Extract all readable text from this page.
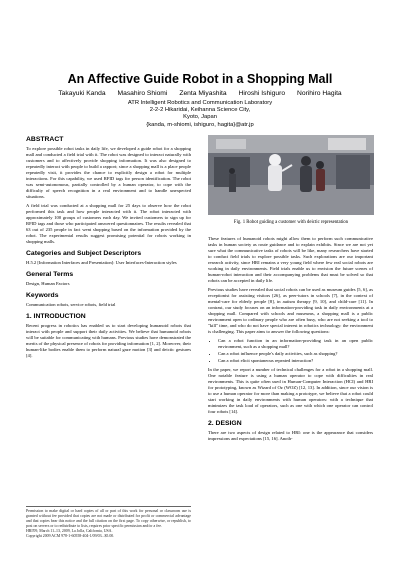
An Affective Guide Robot in a Shopping Mall
Takayuki Kanda Masahiro Shiomi Zenta Miyashita Hiroshi Ishiguro Norihiro Hagita
ATR Intelligent Robotics and Communication Laboratory
2-2-2 Hikaridai, Keihanna Science City,
Kyoto, Japan
{kanda, m-shiomi, ishiguro, hagita}@atr.jp
ABSTRACT

To explore possible robot tasks in daily life, we developed a guide robot for a shopping mall and conducted a field trial with it. The robot was designed to interact naturally with customers and to affectively provide shopping information. It was also designed to repeatedly interact with people to build a rapport; since a shopping mall is a place people repeatedly visit, it provides the chance to explicitly design a robot for multiple interactions. For this capability, we used RFID tags for person identification. The robot was semi-autonomous, partially controlled by a human operator, to cope with the difficulty of speech recognition in a real environment and to handle unexpected situations.

A field trial was conducted at a shopping mall for 25 days to observe how the robot performed this task and how people interacted with it. The robot interacted with approximately 100 groups of customers each day. We invited customers to sign up for RFID tags and those who participated answered questionnaires. The results revealed that 63 out of 235 people in fact went shopping based on the information provided by the robot. The experimental results suggest promising potential for robots working in shopping malls.

Categories and Subject Descriptors

H.5.2 [Information Interfaces and Presentation]: User Interfaces-Interaction styles

General Terms

Design, Human Factors

Keywords

Communication robots, service robots, field trial

1. INTRODUCTION

Recent progress in robotics has enabled us to start developing humanoid robots that interact with people and support their daily activities. We believe that humanoid robots will be suitable for communicating with humans. Previous studies have demonstrated the merits of the physical presence of robots for providing information [1, 2]. Moreover, their human-like bodies enable them to perform natural gaze motion [3] and deictic gestures [4].

Permission to make digital or hard copies of all or part of this work for personal or classroom use is granted without fee provided that copies are not made or distributed for profit or commercial advantage and that copies bear this notice and the full citation on the first page. To copy otherwise, or republish, to post on servers or to redistribute to lists, requires prior specific permission and/or a fee.
HRI'09, March 11–13, 2009, La Jolla, California, USA.
Copyright 2009 ACM 978-1-60558-404-1/09/03...$5.00.
Fig. 1 Robot guiding a customer with deictic representation

These features of humanoid robots might allow them to perform such communicative tasks in human society as route guidance and to explain exhibits. Since we are not yet sure what the communicative tasks of robots will be like, many researchers have started to conduct field trials to explore possible tasks. Such explorations are our important research activity, since HRI remains a very young field where few real social robots are working in daily environments. Field trials enable us to envision the future scenes of human-robot interaction and their accompanying problems that must be solved so that robots can be accepted in daily life.

Previous studies have revealed that social robots can be used as museum guides [5, 6], as receptionist for assisting visitors [26], as peer-tutors in schools [7], in the context of mental-care for elderly people [8], in autism therapy [9, 10], and child-care [11]. In contrast, our study focuses on an information-providing task in daily environments at a shopping mall. Compared with schools and museums, a shopping mall is a public environment open to ordinary people who are often busy, who are not seeking a tool to "kill" time, and who do not have special interest in robotics technology: the environment is challenging. This paper aims to answer the following questions:

• Can a robot function in an information-providing task in an open public environment, such as a shopping mall?
• Can a robot influence people's daily activities, such as shopping?
• Can a robot elicit spontaneous repeated interaction?

In the paper, we report a number of technical challenges for a robot in a shopping mall. One notable feature is using a human operator to cope with difficulties in real environments. This is quite often used in Human-Computer Interaction (HCI) and HRI for prototyping, known as Wizard of Oz (WOZ) [12, 13]. In addition, since our vision is to use a human operator for more than making a prototype, we believe that a robot could start working in daily environments with human operators: with a technique that minimizes the task load of operators, such as one with which one operator can control four robots [14].

2. DESIGN

There are two aspects of design related to HRI: one is the appearance that considers impressions and expectations [15, 16]. Anoth-
